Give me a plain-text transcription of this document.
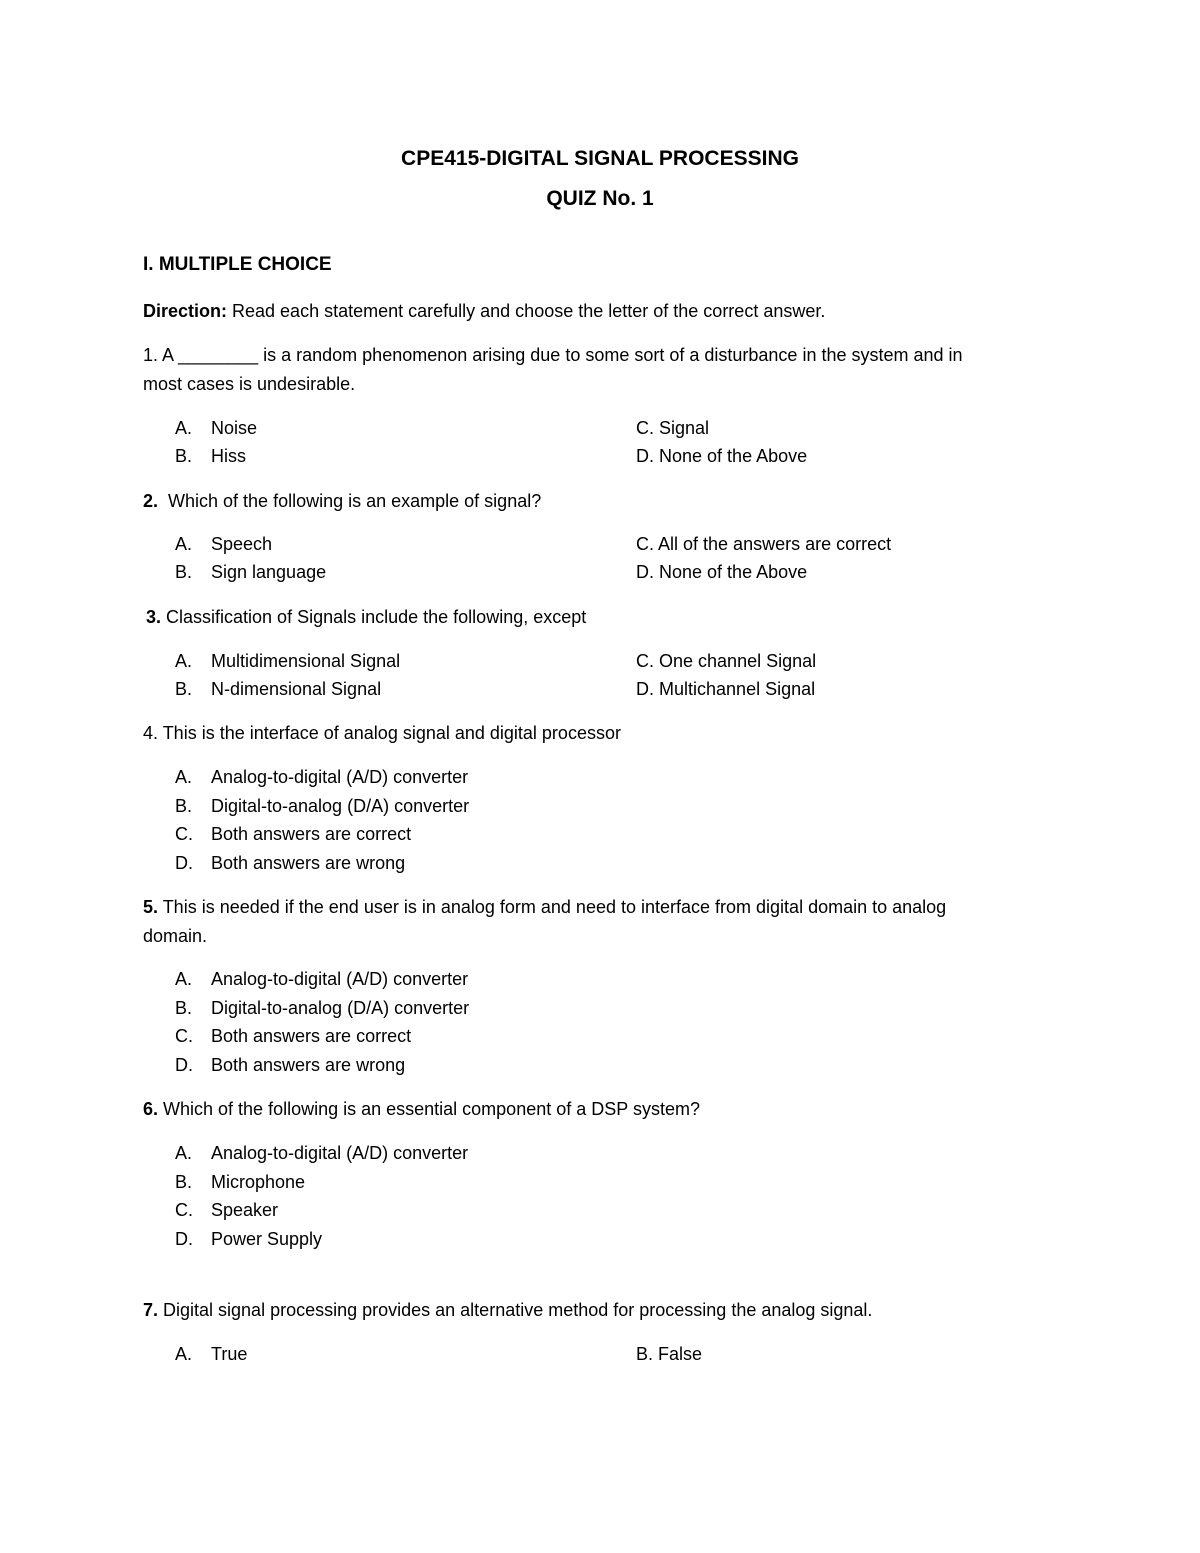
CPE415-DIGITAL SIGNAL PROCESSING
QUIZ No. 1
I. MULTIPLE CHOICE
Direction: Read each statement carefully and choose the letter of the correct answer.
1. A ________ is a random phenomenon arising due to some sort of a disturbance in the system and in
most cases is undesirable.
A. Noise
B. Hiss
C. Signal
D. None of the Above
2.  Which of the following is an example of signal?
A. Speech
B. Sign language
C. All of the answers are correct
D. None of the Above
3. Classification of Signals include the following, except
A. Multidimensional Signal
B. N-dimensional Signal
C. One channel Signal
D. Multichannel Signal
4. This is the interface of analog signal and digital processor
A. Analog-to-digital (A/D) converter
B. Digital-to-analog (D/A) converter
C. Both answers are correct
D. Both answers are wrong
5. This is needed if the end user is in analog form and need to interface from digital domain to analog
domain.
A. Analog-to-digital (A/D) converter
B. Digital-to-analog (D/A) converter
C. Both answers are correct
D. Both answers are wrong
6. Which of the following is an essential component of a DSP system?
A. Analog-to-digital (A/D) converter
B. Microphone
C. Speaker
D. Power Supply
7. Digital signal processing provides an alternative method for processing the analog signal.
A. True	B. False
